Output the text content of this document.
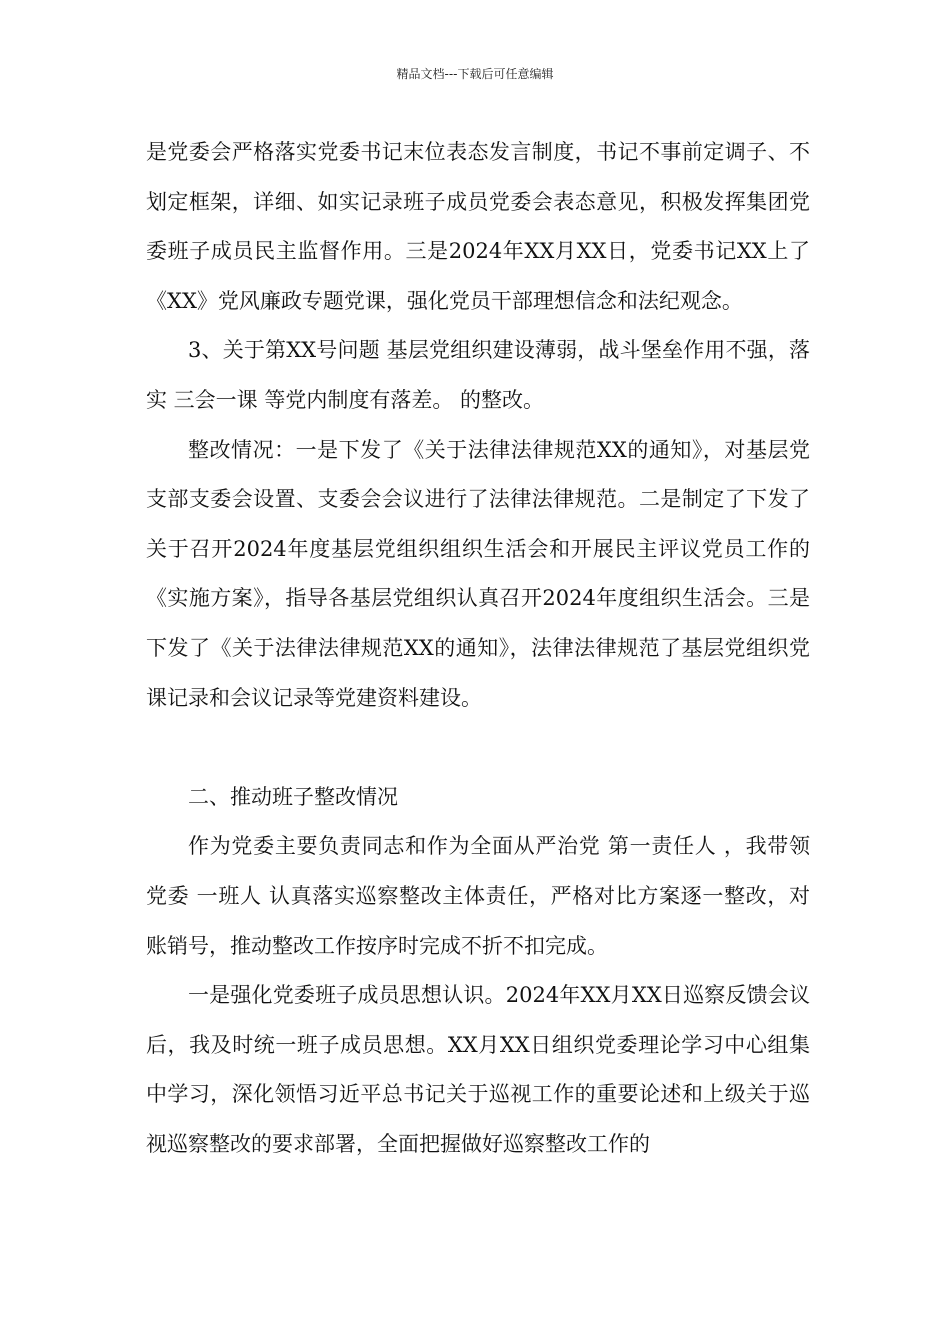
精品文档---下载后可任意编辑

是党委会严格落实党委书记末位表态发言制度，书记不事前定调子、不划定框架，详细、如实记录班子成员党委会表态意见，积极发挥集团党委班子成员民主监督作用。三是2024年XX月XX日，党委书记XX上了《XX》党风廉政专题党课，强化党员干部理想信念和法纪观念。

3、关于第XX号问题 基层党组织建设薄弱，战斗堡垒作用不强，落实 三会一课 等党内制度有落差。 的整改。

整改情况：一是下发了《关于法律法律规范XX的通知》，对基层党支部支委会设置、支委会会议进行了法律法律规范。二是制定了下发了关于召开2024年度基层党组织组织生活会和开展民主评议党员工作的《实施方案》，指导各基层党组织认真召开2024年度组织生活会。三是下发了《关于法律法律规范XX的通知》，法律法律规范了基层党组织党课记录和会议记录等党建资料建设。

二、推动班子整改情况

作为党委主要负责同志和作为全面从严治党 第一责任人 ，我带领党委 一班人 认真落实巡察整改主体责任，严格对比方案逐一整改，对账销号，推动整改工作按序时完成不折不扣完成。

一是强化党委班子成员思想认识。2024年XX月XX日巡察反馈会议后，我及时统一班子成员思想。XX月XX日组织党委理论学习中心组集中学习，深化领悟习近平总书记关于巡视工作的重要论述和上级关于巡视巡察整改的要求部署，全面把握做好巡察整改工作的
